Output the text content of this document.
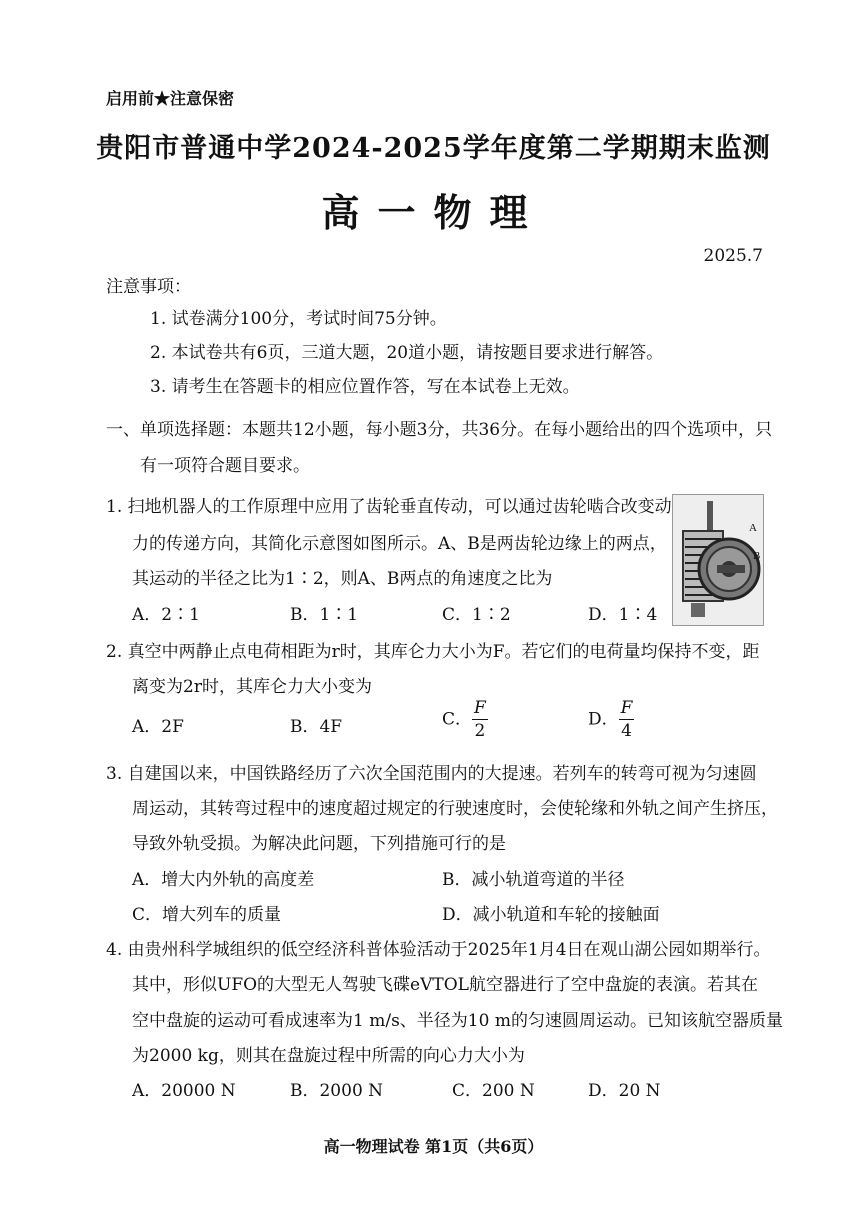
启用前★注意保密
贵阳市普通中学2024-2025学年度第二学期期末监测
高一物理
2025.7
注意事项：
1. 试卷满分100分，考试时间75分钟。
2. 本试卷共有6页，三道大题，20道小题，请按题目要求进行解答。
3. 请考生在答题卡的相应位置作答，写在本试卷上无效。
一、单项选择题：本题共12小题，每小题3分，共36分。在每小题给出的四个选项中，只
有一项符合题目要求。
1. 扫地机器人的工作原理中应用了齿轮垂直传动，可以通过齿轮啮合改变动
力的传递方向，其简化示意图如图所示。A、B是两齿轮边缘上的两点，
其运动的半径之比为1∶2，则A、B两点的角速度之比为
A．2∶1	B．1∶1	C．1∶2	D．1∶4
A
B
2. 真空中两静止点电荷相距为r时，其库仑力大小为F。若它们的电荷量均保持不变，距
离变为2r时，其库仑力大小变为
A．2F	B．4F	C． $\frac{F}{2}$	D． $\frac{F}{4}$
3. 自建国以来，中国铁路经历了六次全国范围内的大提速。若列车的转弯可视为匀速圆
周运动，其转弯过程中的速度超过规定的行驶速度时，会使轮缘和外轨之间产生挤压，
导致外轨受损。为解决此问题，下列措施可行的是
A．增大内外轨的高度差	B．减小轨道弯道的半径
C．增大列车的质量	D．减小轨道和车轮的接触面
4. 由贵州科学城组织的低空经济科普体验活动于2025年1月4日在观山湖公园如期举行。
其中，形似UFO的大型无人驾驶飞碟eVTOL航空器进行了空中盘旋的表演。若其在
空中盘旋的运动可看成速率为1 m/s、半径为10 m的匀速圆周运动。已知该航空器质量
为2000 kg，则其在盘旋过程中所需的向心力大小为
A．20000 N	B．2000 N	C．200 N	D．20 N
高一物理试卷 第1页（共6页）
